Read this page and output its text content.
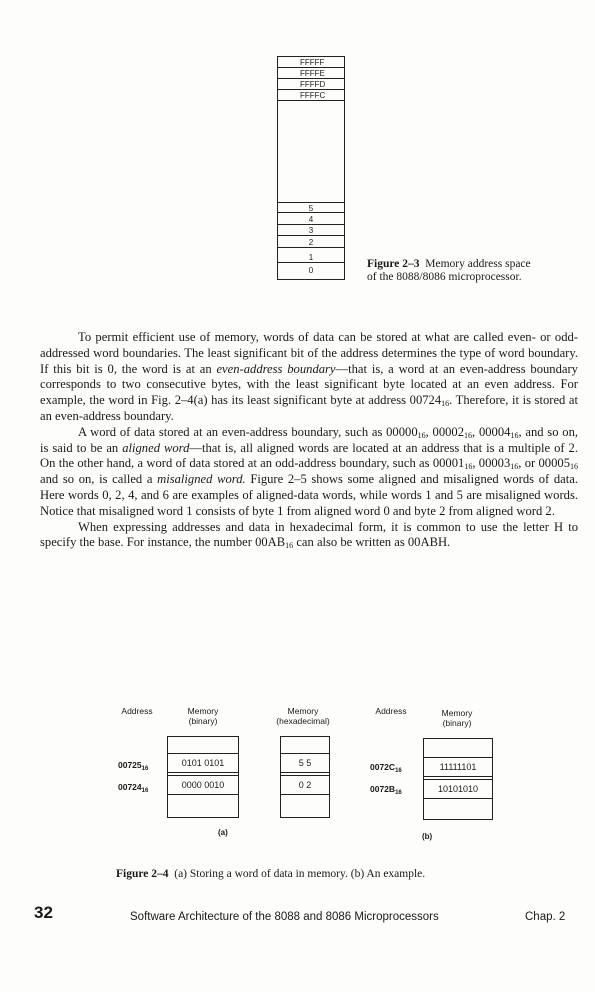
FFFFF
FFFFE
FFFFD
FFFFC
5
4
3
2
1
0
Figure 2–3 Memory address space
of the 8088/8086 microprocessor.

To permit efficient use of memory, words of data can be stored at what are called even- or odd-addressed word boundaries. The least significant bit of the address determines the type of word boundary. If this bit is 0, the word is at an even-address boundary—that is, a word at an even-address boundary corresponds to two consecutive bytes, with the least significant byte located at an even address. For example, the word in Fig. 2–4(a) has its least significant byte at address $00724_{16}$. Therefore, it is stored at an even-address boundary.

A word of data stored at an even-address boundary, such as $00000_{16}$, $00002_{16}$, $00004_{16}$, and so on, is said to be an aligned word—that is, all aligned words are located at an address that is a multiple of 2. On the other hand, a word of data stored at an odd-address boundary, such as $00001_{16}$, $00003_{16}$, or $00005_{16}$ and so on, is called a misaligned word. Figure 2–5 shows some aligned and misaligned words of data. Here words 0, 2, 4, and 6 are examples of aligned-data words, while words 1 and 5 are misaligned words. Notice that misaligned word 1 consists of byte 1 from aligned word 0 and byte 2 from aligned word 2.

When expressing addresses and data in hexadecimal form, it is common to use the letter H to specify the base. For instance, the number $00AB_{16}$ can also be written as 00ABH.

Address	Memory
(binary)
Memory
(hexadecimal)
$00725_{16}$
$00724_{16}$
0101 0101
0000 0010
5 5
0 2
(a)
Address	Memory
(binary)
$0072C_{16}$
$0072B_{16}$
11111101
10101010
(b)
Figure 2–4 (a) Storing a word of data in memory. (b) An example.
32	Software Architecture of the 8088 and 8086 Microprocessors	Chap. 2
